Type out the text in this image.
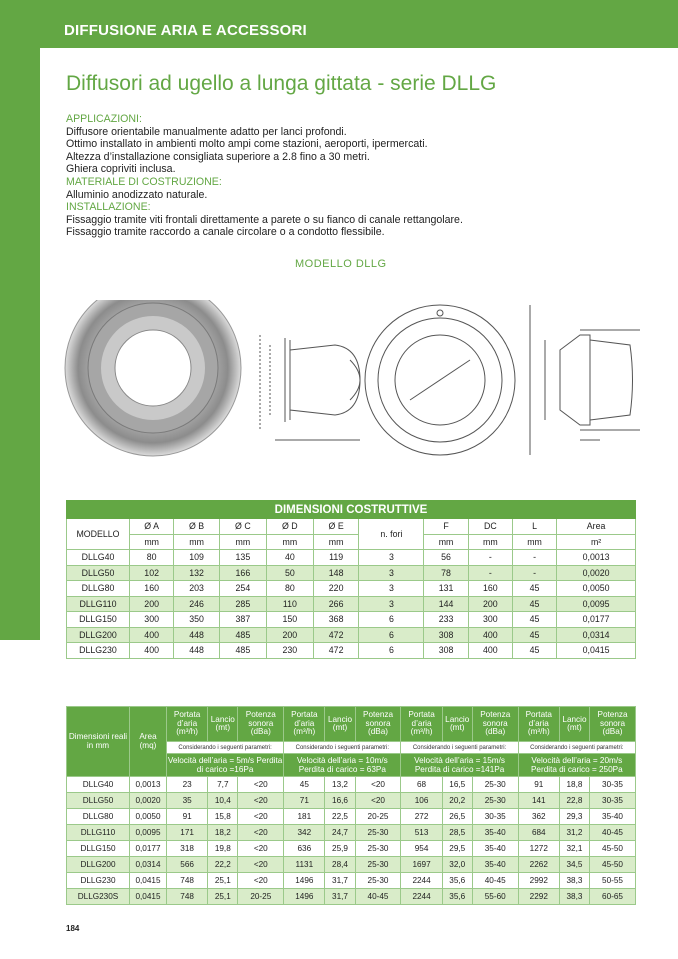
DIFFUSIONE ARIA E ACCESSORI
Diffusori ad ugello a lunga gittata - serie DLLG
APPLICAZIONI:
Diffusore orientabile manualmente adatto per lanci profondi.
Ottimo installato in ambienti molto ampi come stazioni, aeroporti, ipermercati.
Altezza d’installazione consigliata superiore a 2.8 fino a 30 metri.
Ghiera copriviti inclusa.
MATERIALE DI COSTRUZIONE:
Alluminio anodizzato naturale.
INSTALLAZIONE:
Fissaggio tramite viti frontali direttamente a parete o su fianco di canale rettangolare.
Fissaggio tramite raccordo a canale circolare o a condotto flessibile.
MODELLO DLLG
DIMENSIONI COSTRUTTIVE										
MODELLO	Ø A	Ø B	Ø C	Ø D	Ø E	n. fori	F	DC	L	Area
	mm	mm	mm	mm	mm		mm	mm	mm	m²
DLLG40	80	109	135	40	119	3	56	-	-	0,0013
DLLG50	102	132	166	50	148	3	78	-	-	0,0020
DLLG80	160	203	254	80	220	3	131	160	45	0,0050
DLLG110	200	246	285	110	266	3	144	200	45	0,0095
DLLG150	300	350	387	150	368	6	233	300	45	0,0177
DLLG200	400	448	485	200	472	6	308	400	45	0,0314
DLLG230	400	448	485	230	472	6	308	400	45	0,0415
Dimensioni reali in mm	Area (mq)	Portata d’aria (m³/h)	Lancio (mt)	Potenza sonora (dBa)	Portata d’aria (m³/h)	Lancio (mt)	Potenza sonora (dBa)	Portata d’aria (m³/h)	Lancio (mt)	Potenza sonora (dBa)	Portata d’aria (m³/h)	Lancio (mt)	Potenza sonora (dBa)
		Considerando i seguenti parametri:			Considerando i seguenti parametri:			Considerando i seguenti parametri:			Considerando i seguenti parametri:		
		Velocità dell’aria = 5m/s Perdita di carico =16Pa			Velocità dell’aria = 10m/s Perdita di carico = 63Pa			Velocità dell’aria = 15m/s Perdita di carico =141Pa			Velocità dell’aria = 20m/s Perdita di carico = 250Pa		
DLLG40	0,0013	23	7,7	<20	45	13,2	<20	68	16,5	25-30	91	18,8	30-35
DLLG50	0,0020	35	10,4	<20	71	16,6	<20	106	20,2	25-30	141	22,8	30-35
DLLG80	0,0050	91	15,8	<20	181	22,5	20-25	272	26,5	30-35	362	29,3	35-40
DLLG110	0,0095	171	18,2	<20	342	24,7	25-30	513	28,5	35-40	684	31,2	40-45
DLLG150	0,0177	318	19,8	<20	636	25,9	25-30	954	29,5	35-40	1272	32,1	45-50
DLLG200	0,0314	566	22,2	<20	1131	28,4	25-30	1697	32,0	35-40	2262	34,5	45-50
DLLG230	0,0415	748	25,1	<20	1496	31,7	25-30	2244	35,6	40-45	2992	38,3	50-55
DLLG230S	0,0415	748	25,1	20-25	1496	31,7	40-45	2244	35,6	55-60	2292	38,3	60-65
184
